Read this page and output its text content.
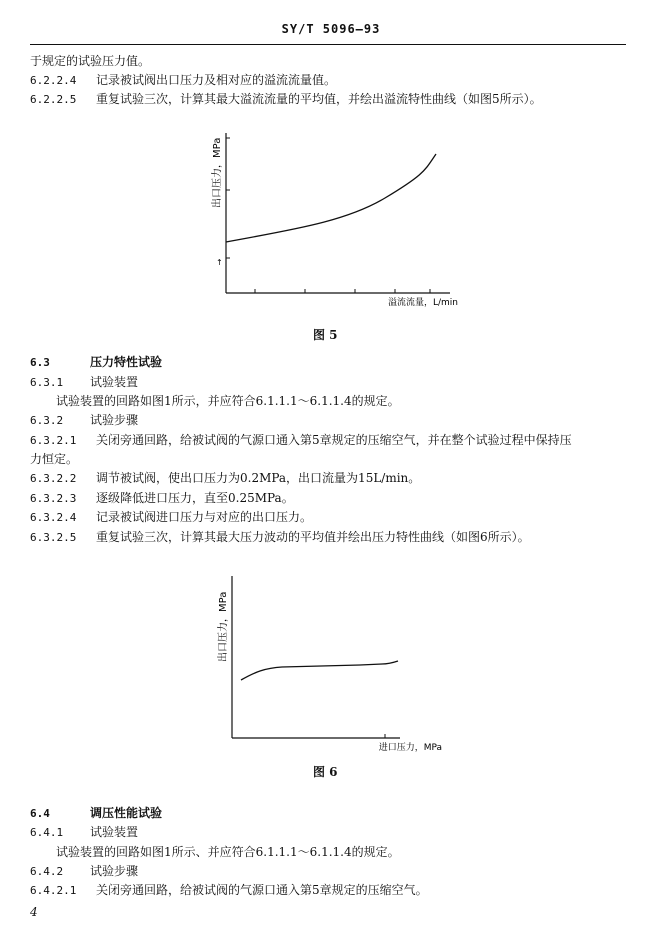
SY/T 5096—93
于规定的试验压力值。
6.2.2.4 记录被试阀出口压力及相对应的溢流流量值。
6.2.2.5 重复试验三次，计算其最大溢流流量的平均值，并绘出溢流特性曲线（如图5所示）。
↑
出口压力，MPa
溢流流量，L/min
图 5
6.3	压力特性试验
6.3.1 试验装置
试验装置的回路如图1所示，并应符合6.1.1.1～6.1.1.4的规定。
6.3.2 试验步骤
6.3.2.1 关闭旁通回路，给被试阀的气源口通入第5章规定的压缩空气，并在整个试验过程中保持压
力恒定。
6.3.2.2 调节被试阀，使出口压力为0.2MPa，出口流量为15L/min。
6.3.2.3 逐级降低进口压力，直至0.25MPa。
6.3.2.4 记录被试阀进口压力与对应的出口压力。
6.3.2.5 重复试验三次，计算其最大压力波动的平均值并绘出压力特性曲线（如图6所示）。
出口压力，MPa
进口压力，MPa
图 6
6.4	调压性能试验
6.4.1 试验装置
试验装置的回路如图1所示、并应符合6.1.1.1～6.1.1.4的规定。
6.4.2 试验步骤
6.4.2.1 关闭旁通回路，给被试阀的气源口通入第5章规定的压缩空气。
4
